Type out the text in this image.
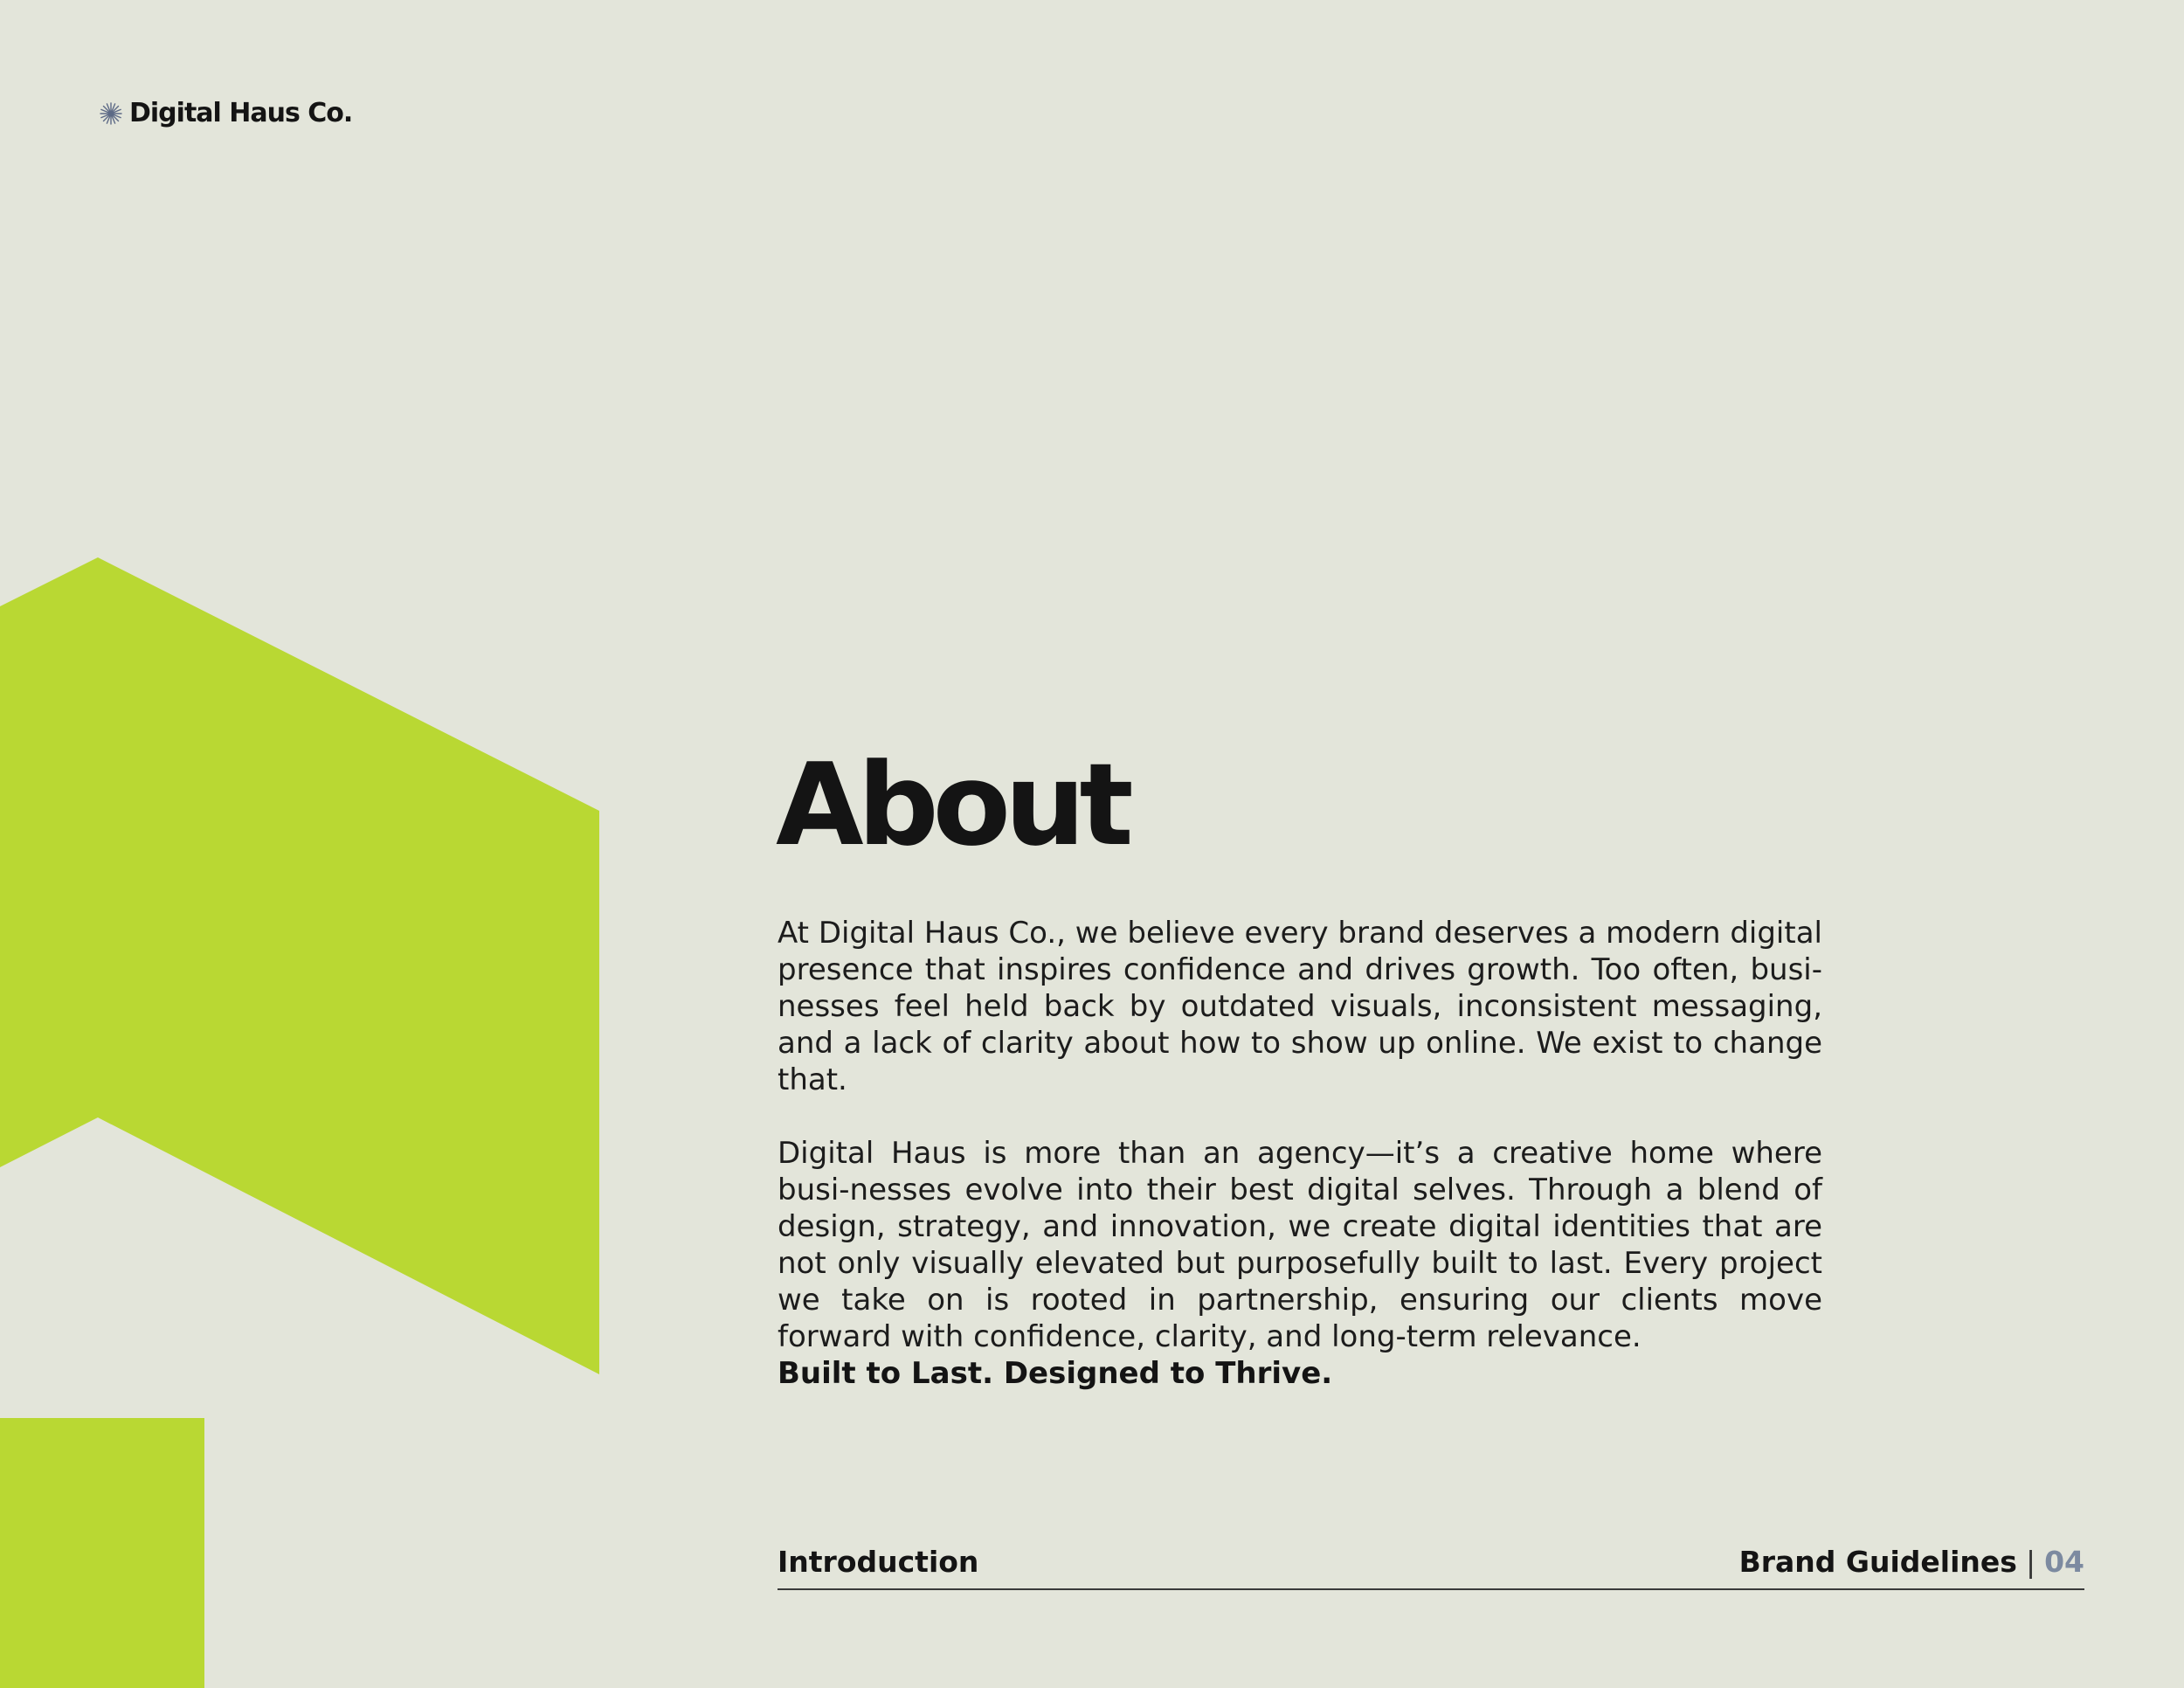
Digital Haus Co.
About

At Digital Haus Co., we believe every brand deserves a modern digital presence that inspires confidence and drives growth. Too often, busi-nesses feel held back by outdated visuals, inconsistent messaging, and a lack of clarity about how to show up online. We exist to change that.

Digital Haus is more than an agency—it’s a creative home where busi-nesses evolve into their best digital selves. Through a blend of design, strategy, and innovation, we create digital identities that are not only visually elevated but purposefully built to last. Every project we take on is rooted in partnership, ensuring our clients move forward with confidence, clarity, and long-term relevance.

Built to Last. Designed to Thrive.

Introduction	Brand Guidelines | 04
